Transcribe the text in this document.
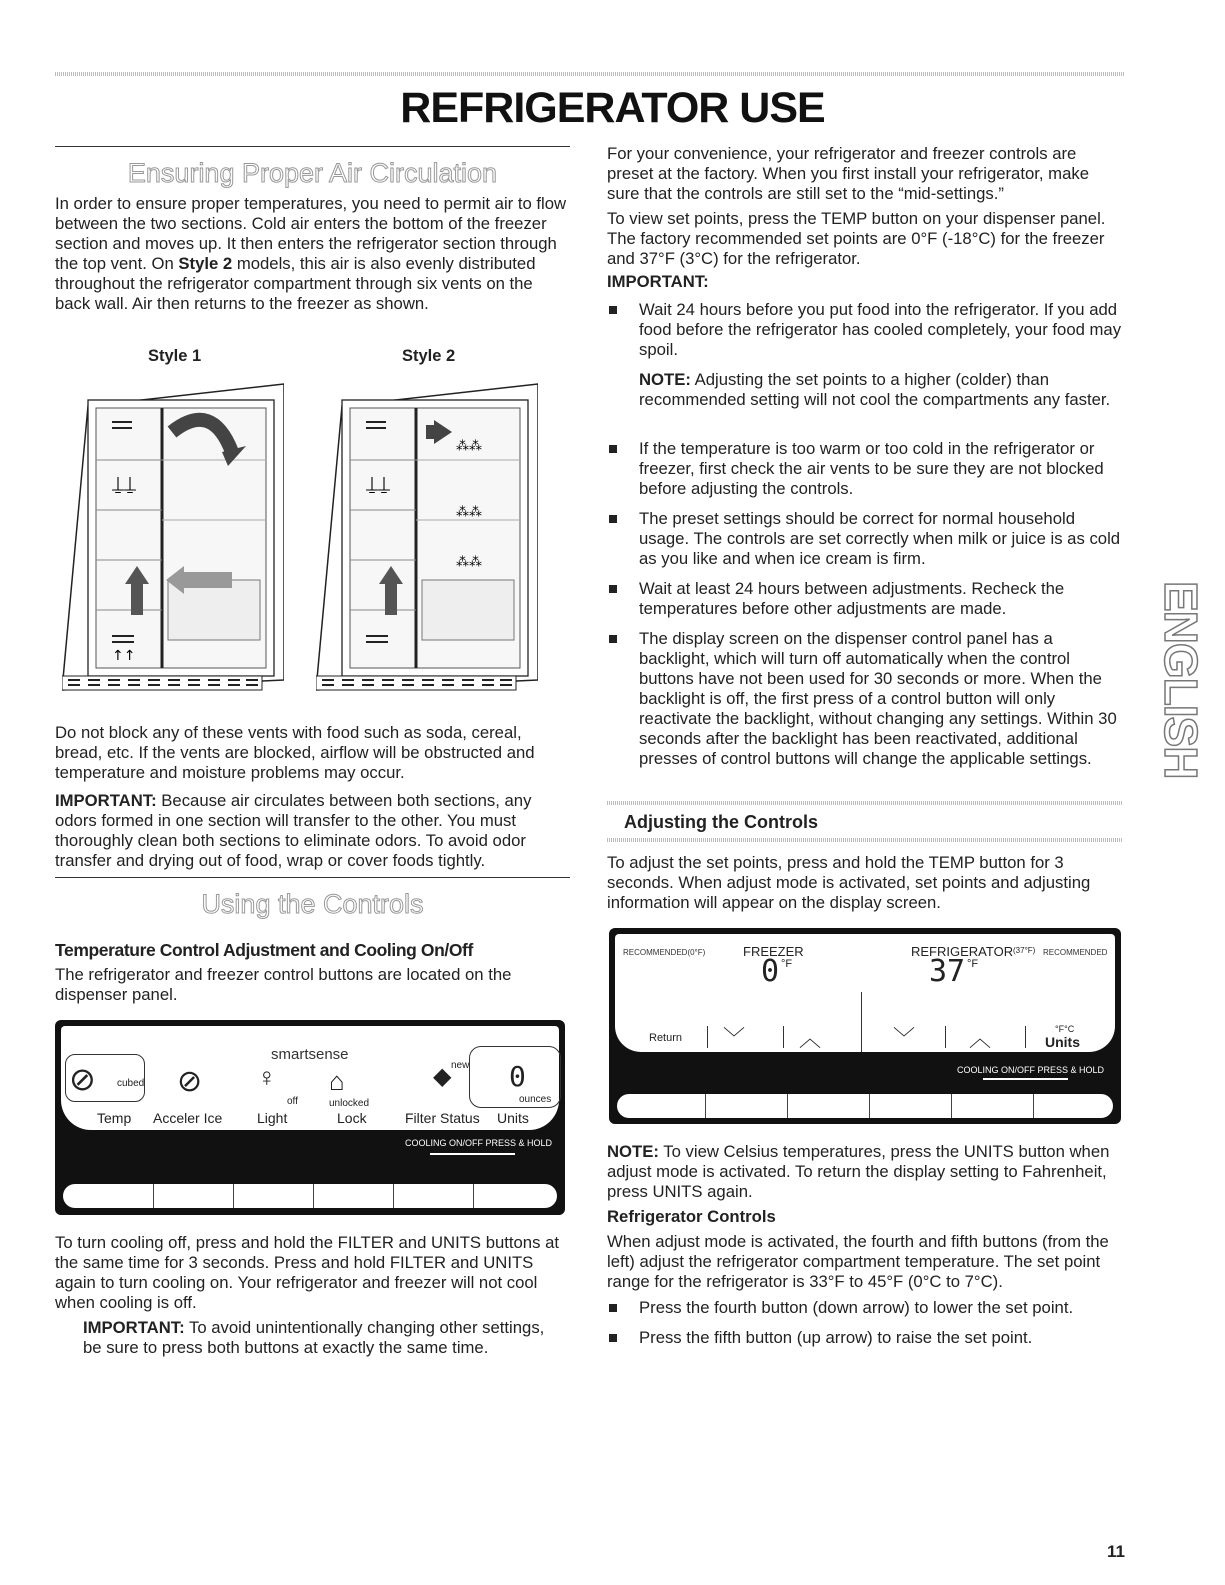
REFRIGERATOR USE
Ensuring Proper Air Circulation

In order to ensure proper temperatures, you need to permit air to flow between the two sections. Cold air enters the bottom of the freezer section and moves up. It then enters the refrigerator section through the top vent. On Style 2 models, this air is also evenly distributed throughout the refrigerator compartment through six vents on the back wall. Air then returns to the freezer as shown.

Style 1	Style 2
⍊⍊
↑↑
⁂⁂
⁂⁂
⁂⁂
⍊⍊

Do not block any of these vents with food such as soda, cereal, bread, etc. If the vents are blocked, airflow will be obstructed and temperature and moisture problems may occur.

IMPORTANT: Because air circulates between both sections, any odors formed in one section will transfer to the other. You must thoroughly clean both sections to eliminate odors. To avoid odor transfer and drying out of food, wrap or cover foods tightly.

Using the Controls
Temperature Control Adjustment and Cooling On/Off

The refrigerator and freezer control buttons are located on the dispenser panel.

smartsense
⊘ cubed ⊘ ♀
off
⌂
unlocked
◆ new 0
ounces
Temp Acceler Ice Light	Lock	Filter Status Units
COOLING ON/OFF PRESS & HOLD

To turn cooling off, press and hold the FILTER and UNITS buttons at the same time for 3 seconds. Press and hold FILTER and UNITS again to turn cooling on. Your refrigerator and freezer will not cool when cooling is off.

IMPORTANT: To avoid unintentionally changing other settings, be sure to press both buttons at exactly the same time.

For your convenience, your refrigerator and freezer controls are preset at the factory. When you first install your refrigerator, make sure that the controls are still set to the “mid-settings.”

To view set points, press the TEMP button on your dispenser panel. The factory recommended set points are 0°F (-18°C) for the freezer and 37°F (3°C) for the refrigerator.

IMPORTANT:
Wait 24 hours before you put food into the refrigerator. If you add food before the refrigerator has cooled completely, your food may spoil.

NOTE: Adjusting the set points to a higher (colder) than recommended setting will not cool the compartments any faster.

If the temperature is too warm or too cold in the refrigerator or freezer, first check the air vents to be sure they are not blocked before adjusting the controls.
The preset settings should be correct for normal household usage. The controls are set correctly when milk or juice is as cold as you like and when ice cream is firm.
Wait at least 24 hours between adjustments. Recheck the temperatures before other adjustments are made.
The display screen on the dispenser control panel has a backlight, which will turn off automatically when the control buttons have not been used for 30 seconds or more. When the backlight is off, the first press of a control button will only reactivate the backlight, without changing any settings. Within 30 seconds after the backlight has been reactivated, additional presses of control buttons will change the applicable settings.
Adjusting the Controls

To adjust the set points, press and hold the TEMP button for 3 seconds. When adjust mode is activated, set points and adjusting information will appear on the display screen.

RECOMMENDED(0°F)	FREEZER
0 °F
REFRIGERATOR (37°F) RECOMMENDED
37 °F
Return ﹀ ︿	﹀ ︿	°F°C
Units
COOLING ON/OFF PRESS & HOLD

NOTE: To view Celsius temperatures, press the UNITS button when adjust mode is activated. To return the display setting to Fahrenheit, press UNITS again.

Refrigerator Controls

When adjust mode is activated, the fourth and fifth buttons (from the left) adjust the refrigerator compartment temperature. The set point range for the refrigerator is 33°F to 45°F (0°C to 7°C).

Press the fourth button (down arrow) to lower the set point.
Press the fifth button (up arrow) to raise the set point.
ENGLISH
11
